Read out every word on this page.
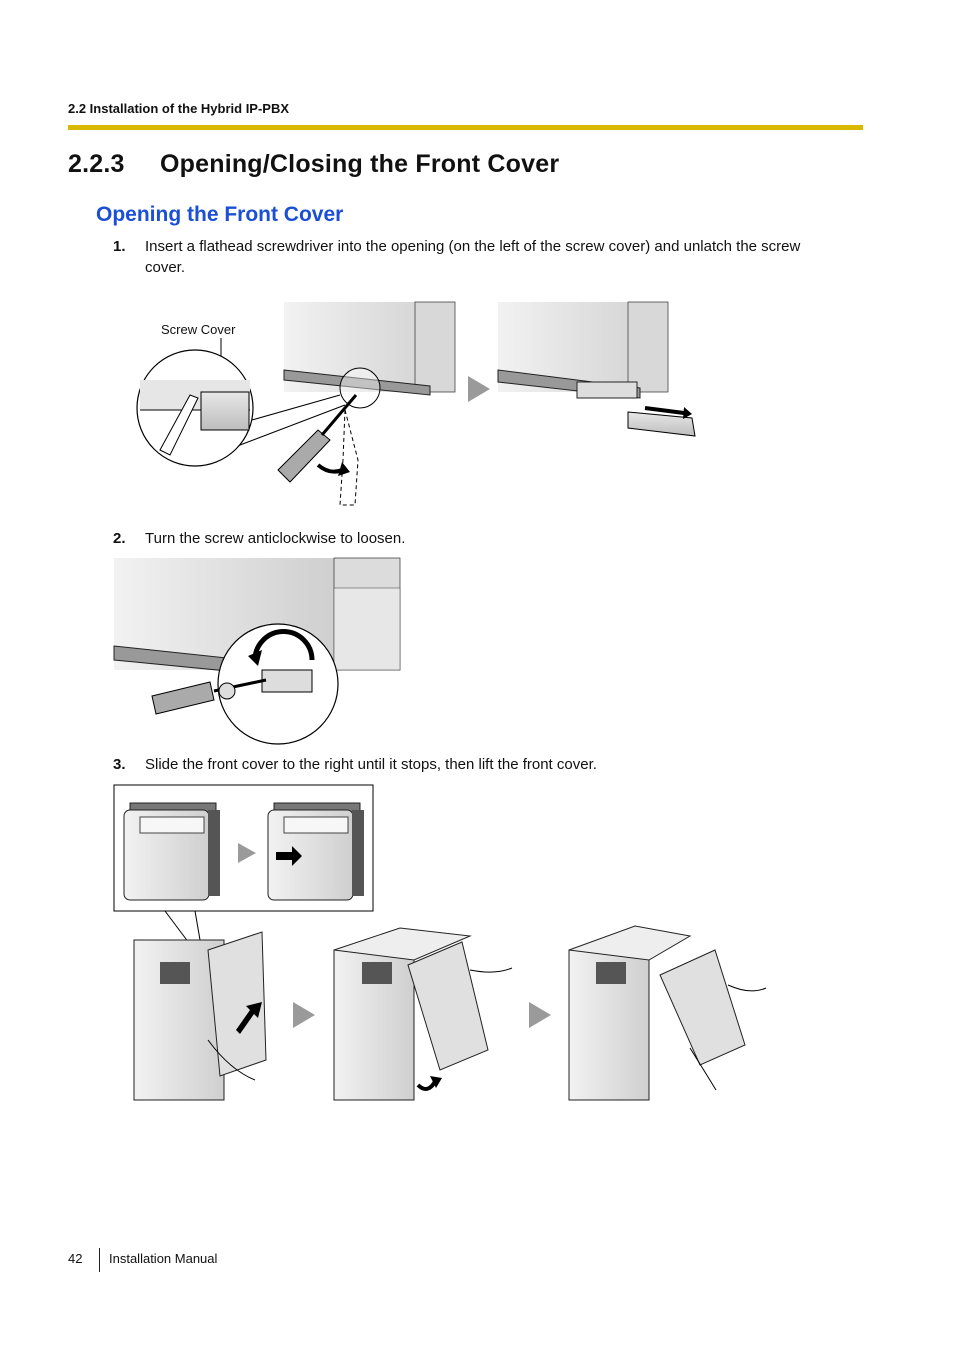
2.2 Installation of the Hybrid IP-PBX
2.2.3 Opening/Closing the Front Cover
Opening the Front Cover
1. Insert a flathead screwdriver into the opening (on the left of the screw cover) and unlatch the screw
cover.
Screw Cover
2. Turn the screw anticlockwise to loosen.
3. Slide the front cover to the right until it stops, then lift the front cover.
42 Installation Manual
